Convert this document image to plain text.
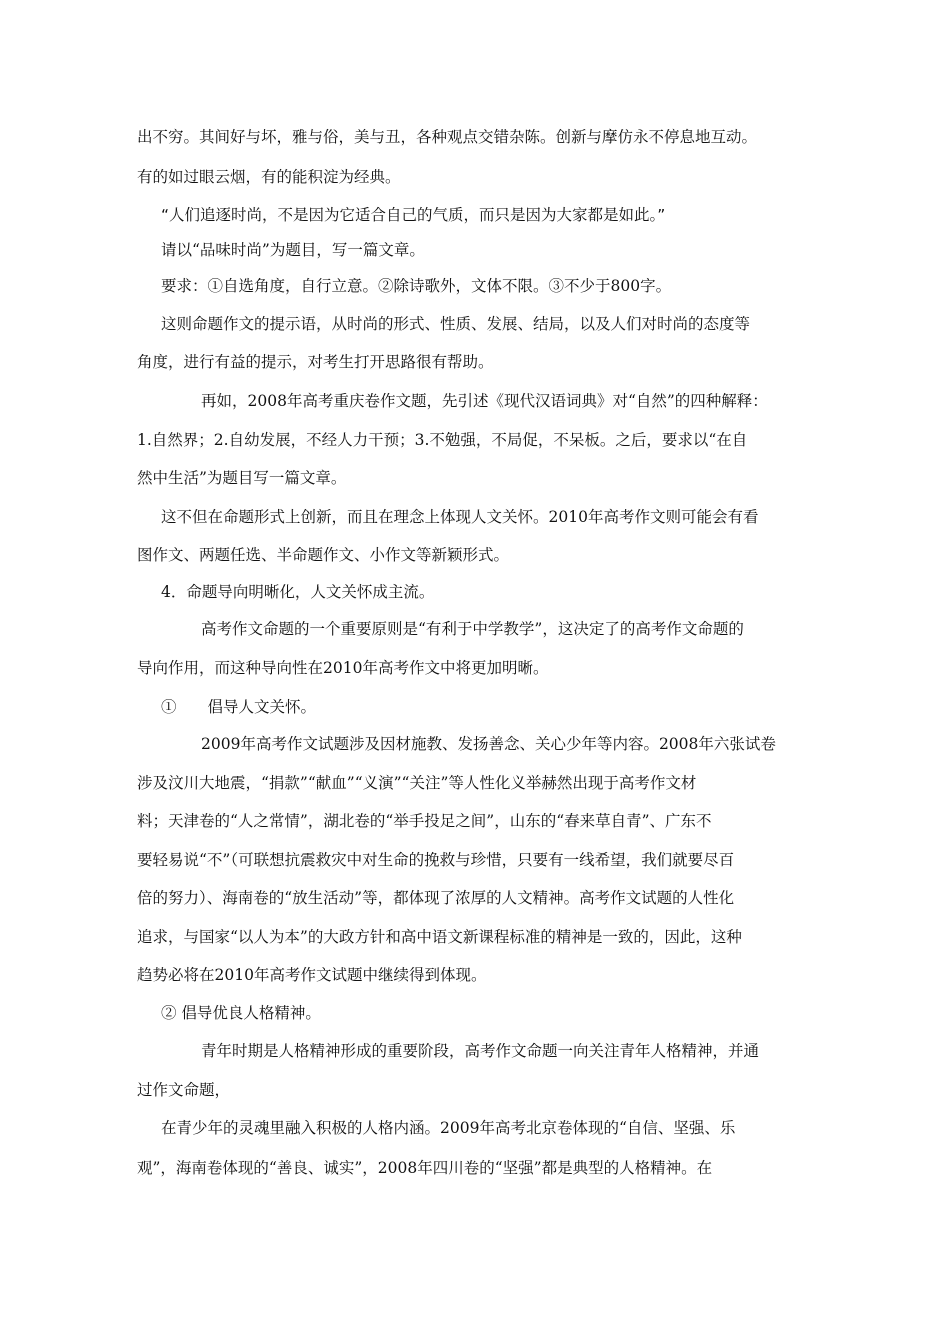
出不穷。其间好与坏，雅与俗，美与丑，各种观点交错杂陈。创新与摩仿永不停息地互动。
有的如过眼云烟，有的能积淀为经典。
“人们追逐时尚，不是因为它适合自己的气质，而只是因为大家都是如此。”
请以“品味时尚”为题目，写一篇文章。
要求：①自选角度，自行立意。②除诗歌外，文体不限。③不少于800字。
这则命题作文的提示语，从时尚的形式、性质、发展、结局，以及人们对时尚的态度等
角度，进行有益的提示，对考生打开思路很有帮助。
再如，2008年高考重庆卷作文题，先引述《现代汉语词典》对“自然”的四种解释：
1.自然界；2.自幼发展，不经人力干预；3.不勉强，不局促，不呆板。之后，要求以“在自
然中生活”为题目写一篇文章。
这不但在命题形式上创新，而且在理念上体现人文关怀。2010年高考作文则可能会有看
图作文、两题任选、半命题作文、小作文等新颖形式。
4．命题导向明晰化，人文关怀成主流。
高考作文命题的一个重要原则是“有利于中学教学”，这决定了的高考作文命题的
导向作用，而这种导向性在2010年高考作文中将更加明晰。
①　　倡导人文关怀。
2009年高考作文试题涉及因材施教、发扬善念、关心少年等内容。2008年六张试卷
涉及汶川大地震，“捐款”“献血”“义演”“关注”等人性化义举赫然出现于高考作文材
料；天津卷的“人之常情”，湖北卷的“举手投足之间”，山东的“春来草自青”、广东不
要轻易说“不”（可联想抗震救灾中对生命的挽救与珍惜，只要有一线希望，我们就要尽百
倍的努力）、海南卷的“放生活动”等，都体现了浓厚的人文精神。高考作文试题的人性化
追求，与国家“以人为本”的大政方针和高中语文新课程标准的精神是一致的，因此，这种
趋势必将在2010年高考作文试题中继续得到体现。
② 倡导优良人格精神。
青年时期是人格精神形成的重要阶段，高考作文命题一向关注青年人格精神，并通
过作文命题，
在青少年的灵魂里融入积极的人格内涵。2009年高考北京卷体现的“自信、坚强、乐
观”，海南卷体现的“善良、诚实”，2008年四川卷的“坚强”都是典型的人格精神。在
